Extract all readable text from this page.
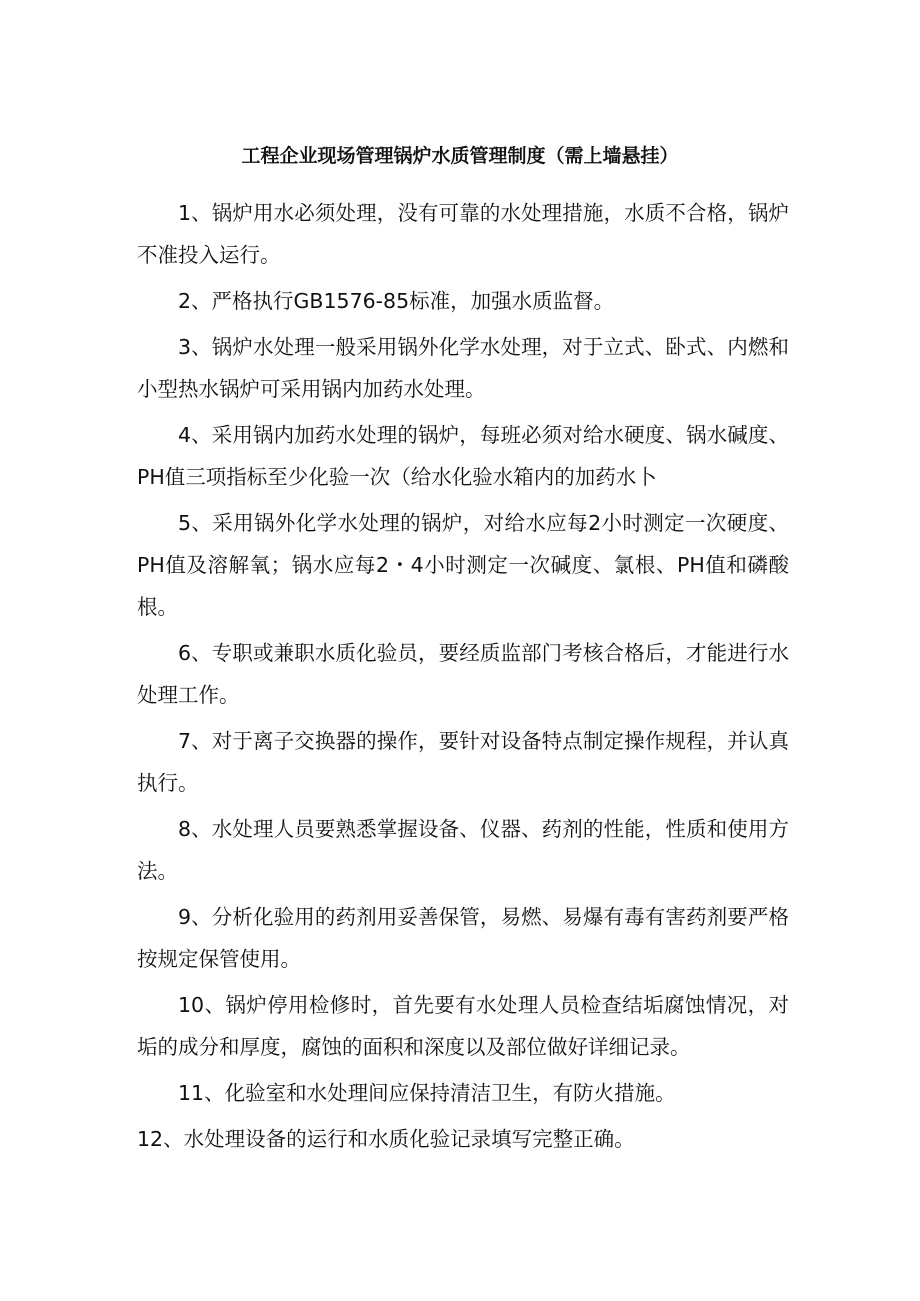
工程企业现场管理锅炉水质管理制度（需上墙悬挂）

1、锅炉用水必须处理，没有可靠的水处理措施，水质不合格，锅炉不准投入运行。

2、严格执行GB1576-85标准，加强水质监督。

3、锅炉水处理一般采用锅外化学水处理，对于立式、卧式、内燃和小型热水锅炉可采用锅内加药水处理。

4、采用锅内加药水处理的锅炉，每班必须对给水硬度、锅水碱度、PH值三项指标至少化验一次（给水化验水箱内的加药水卜

5、采用锅外化学水处理的锅炉，对给水应每2小时测定一次硬度、PH值及溶解氧；锅水应每2・4小时测定一次碱度、氯根、PH值和磷酸根。

6、专职或兼职水质化验员，要经质监部门考核合格后，才能进行水处理工作。

7、对于离子交换器的操作，要针对设备特点制定操作规程，并认真执行。

8、水处理人员要熟悉掌握设备、仪器、药剂的性能，性质和使用方法。

9、分析化验用的药剂用妥善保管，易燃、易爆有毒有害药剂要严格按规定保管使用。

10、锅炉停用检修时，首先要有水处理人员检查结垢腐蚀情况，对垢的成分和厚度，腐蚀的面积和深度以及部位做好详细记录。

11、化验室和水处理间应保持清洁卫生，有防火措施。

12、水处理设备的运行和水质化验记录填写完整正确。
